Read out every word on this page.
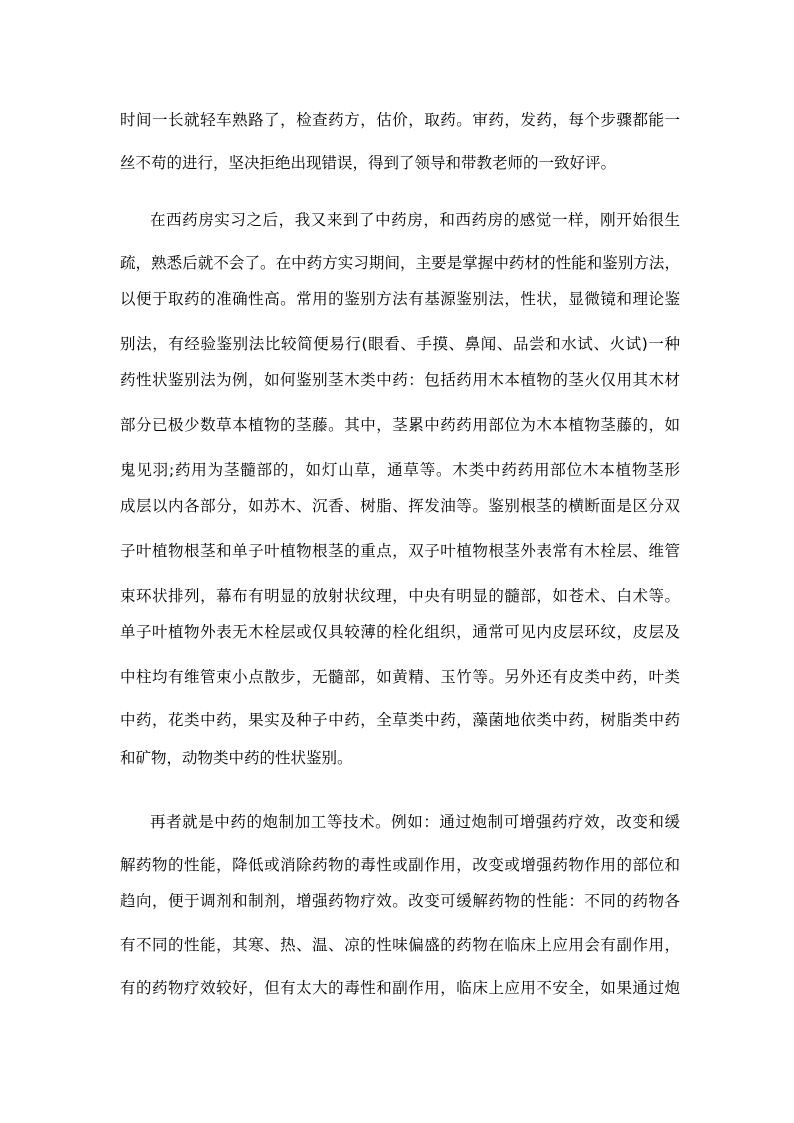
时间一长就轻车熟路了，检查药方，估价，取药。审药，发药，每个步骤都能一
丝不苟的进行，坚决拒绝出现错误，得到了领导和带教老师的一致好评。
在西药房实习之后，我又来到了中药房，和西药房的感觉一样，刚开始很生
疏，熟悉后就不会了。在中药方实习期间，主要是掌握中药材的性能和鉴别方法，
以便于取药的准确性高。常用的鉴别方法有基源鉴别法，性状，显微镜和理论鉴
别法，有经验鉴别法比较简便易行(眼看、手摸、鼻闻、品尝和水试、火试)一种
药性状鉴别法为例，如何鉴别茎木类中药：包括药用木本植物的茎火仅用其木材
部分已极少数草本植物的茎藤。其中，茎累中药药用部位为木本植物茎藤的，如
鬼见羽;药用为茎髓部的，如灯山草，通草等。木类中药药用部位木本植物茎形
成层以内各部分，如苏木、沉香、树脂、挥发油等。鉴别根茎的横断面是区分双
子叶植物根茎和单子叶植物根茎的重点，双子叶植物根茎外表常有木栓层、维管
束环状排列，幕布有明显的放射状纹理，中央有明显的髓部，如苍术、白术等。
单子叶植物外表无木栓层或仅具较薄的栓化组织，通常可见内皮层环纹，皮层及
中柱均有维管束小点散步，无髓部，如黄精、玉竹等。另外还有皮类中药，叶类
中药，花类中药，果实及种子中药，全草类中药，藻菌地依类中药，树脂类中药
和矿物，动物类中药的性状鉴别。
再者就是中药的炮制加工等技术。例如：通过炮制可增强药疗效，改变和缓
解药物的性能，降低或消除药物的毒性或副作用，改变或增强药物作用的部位和
趋向，便于调剂和制剂，增强药物疗效。改变可缓解药物的性能：不同的药物各
有不同的性能，其寒、热、温、凉的性味偏盛的药物在临床上应用会有副作用，
有的药物疗效较好，但有太大的毒性和副作用，临床上应用不安全，如果通过炮
